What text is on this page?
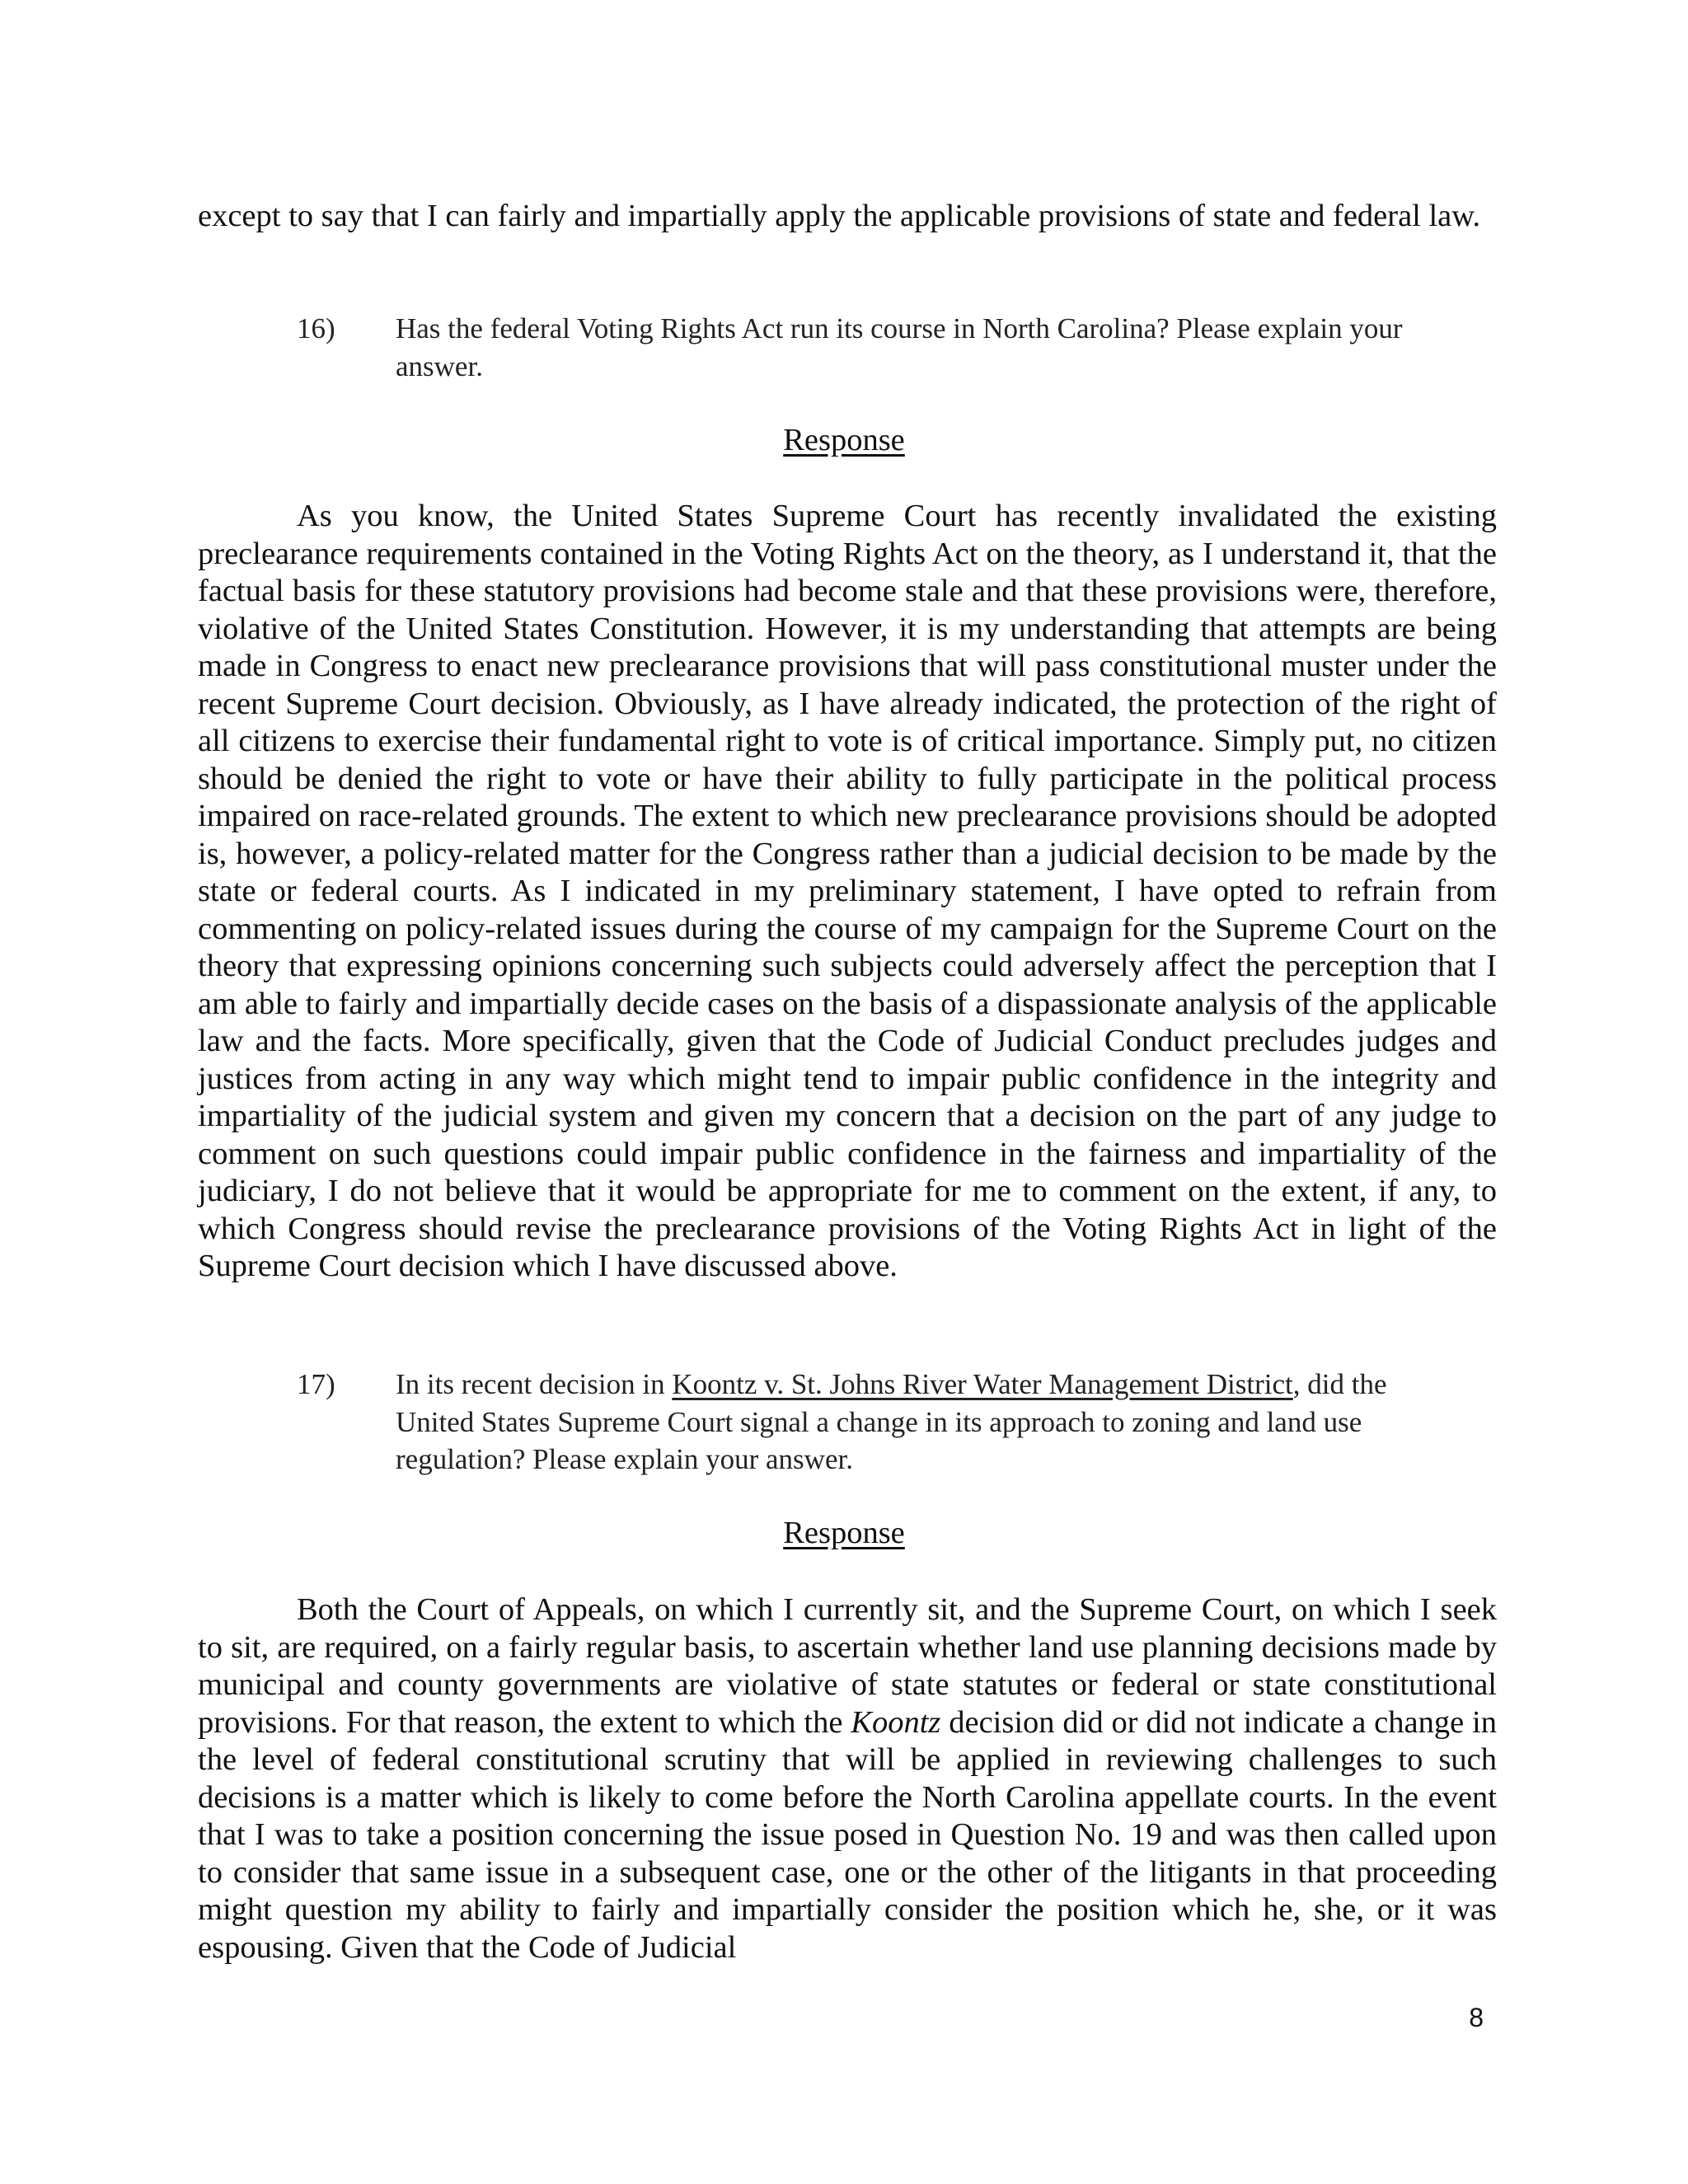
except to say that I can fairly and impartially apply the applicable provisions of state and federal law.

16) Has the federal Voting Rights Act run its course in North Carolina? Please explain your answer.

Response

As you know, the United States Supreme Court has recently invalidated the existing preclearance requirements contained in the Voting Rights Act on the theory, as I understand it, that the factual basis for these statutory provisions had become stale and that these provisions were, therefore, violative of the United States Constitution. However, it is my understanding that attempts are being made in Congress to enact new preclearance provisions that will pass constitutional muster under the recent Supreme Court decision. Obviously, as I have already indicated, the protection of the right of all citizens to exercise their fundamental right to vote is of critical importance. Simply put, no citizen should be denied the right to vote or have their ability to fully participate in the political process impaired on race-related grounds. The extent to which new preclearance provisions should be adopted is, however, a policy-related matter for the Congress rather than a judicial decision to be made by the state or federal courts. As I indicated in my preliminary statement, I have opted to refrain from commenting on policy-related issues during the course of my campaign for the Supreme Court on the theory that expressing opinions concerning such subjects could adversely affect the perception that I am able to fairly and impartially decide cases on the basis of a dispassionate analysis of the applicable law and the facts. More specifically, given that the Code of Judicial Conduct precludes judges and justices from acting in any way which might tend to impair public confidence in the integrity and impartiality of the judicial system and given my concern that a decision on the part of any judge to comment on such questions could impair public confidence in the fairness and impartiality of the judiciary, I do not believe that it would be appropriate for me to comment on the extent, if any, to which Congress should revise the preclearance provisions of the Voting Rights Act in light of the Supreme Court decision which I have discussed above.

17) In its recent decision in Koontz v. St. Johns River Water Management District, did the United States Supreme Court signal a change in its approach to zoning and land use regulation? Please explain your answer.

Response

Both the Court of Appeals, on which I currently sit, and the Supreme Court, on which I seek to sit, are required, on a fairly regular basis, to ascertain whether land use planning decisions made by municipal and county governments are violative of state statutes or federal or state constitutional provisions. For that reason, the extent to which the Koontz decision did or did not indicate a change in the level of federal constitutional scrutiny that will be applied in reviewing challenges to such decisions is a matter which is likely to come before the North Carolina appellate courts. In the event that I was to take a position concerning the issue posed in Question No. 19 and was then called upon to consider that same issue in a subsequent case, one or the other of the litigants in that proceeding might question my ability to fairly and impartially consider the position which he, she, or it was espousing. Given that the Code of Judicial

8
